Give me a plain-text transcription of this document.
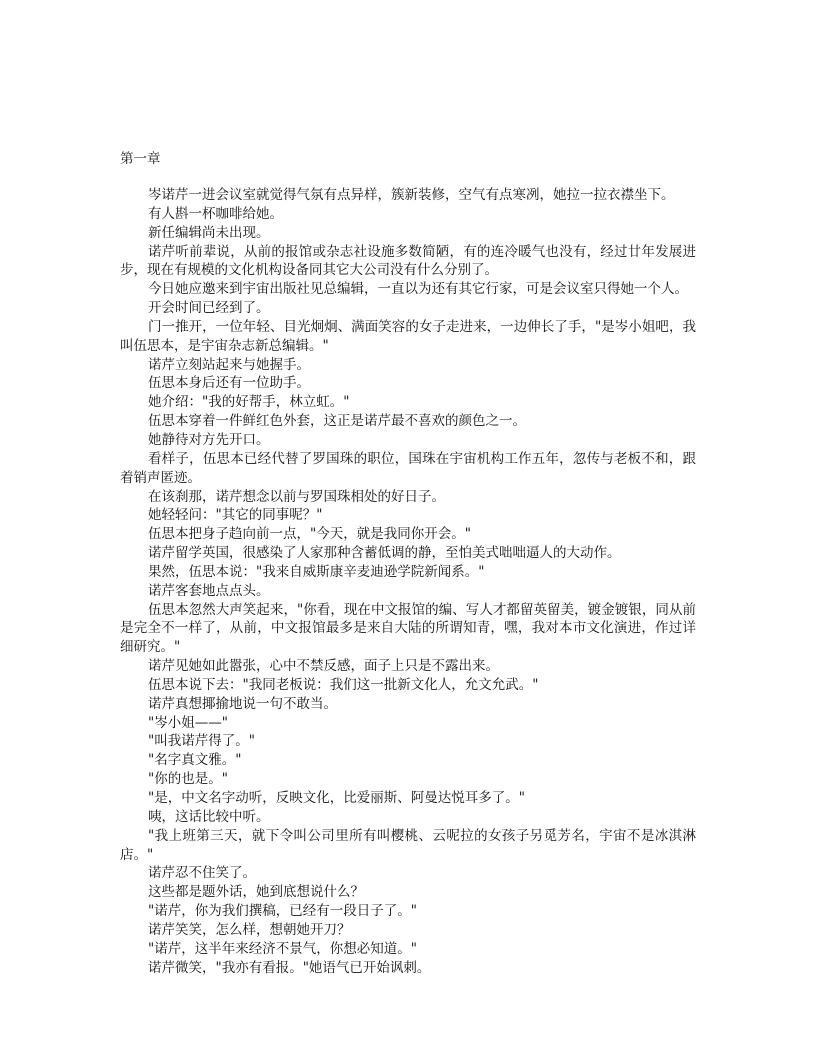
第一章

岑诺芹一进会议室就觉得气氛有点异样，簇新装修，空气有点寒冽，她拉一拉衣襟坐下。

有人斟一杯咖啡给她。

新任编辑尚未出现。

诺芹听前辈说，从前的报馆或杂志社设施多数简陋，有的连冷暖气也没有，经过廿年发展进步，现在有规模的文化机构设备同其它大公司没有什么分别了。

今日她应邀来到宇宙出版社见总编辑，一直以为还有其它行家，可是会议室只得她一个人。

开会时间已经到了。

门一推开，一位年轻、目光炯炯、满面笑容的女子走进来，一边伸长了手，"是岑小姐吧，我叫伍思本，是宇宙杂志新总编辑。"

诺芹立刻站起来与她握手。

伍思本身后还有一位助手。

她介绍："我的好帮手，林立虹。"

伍思本穿着一件鲜红色外套，这正是诺芹最不喜欢的颜色之一。

她静待对方先开口。

看样子，伍思本已经代替了罗国珠的职位，国珠在宇宙机构工作五年，忽传与老板不和，跟着销声匿迹。

在该刹那，诺芹想念以前与罗国珠相处的好日子。

她轻轻问："其它的同事呢？"

伍思本把身子趋向前一点，"今天，就是我同你开会。"

诺芹留学英国，很感染了人家那种含蓄低调的静，至怕美式咄咄逼人的大动作。

果然，伍思本说："我来自威斯康辛麦迪逊学院新闻系。"

诺芹客套地点点头。

伍思本忽然大声笑起来，"你看，现在中文报馆的编、写人才都留英留美，镀金镀银，同从前是完全不一样了，从前，中文报馆最多是来自大陆的所谓知青，嘿，我对本市文化演进，作过详细研究。"

诺芹见她如此嚣张，心中不禁反感，面子上只是不露出来。

伍思本说下去："我同老板说：我们这一批新文化人，允文允武。"

诺芹真想揶揄地说一句不敢当。

"岑小姐——"

"叫我诺芹得了。"

"名字真文雅。"

"你的也是。"

"是，中文名字动听，反映文化，比爱丽斯、阿曼达悦耳多了。"

咦，这话比较中听。

"我上班第三天，就下令叫公司里所有叫樱桃、云呢拉的女孩子另觅芳名，宇宙不是冰淇淋店。"

诺芹忍不住笑了。

这些都是题外话，她到底想说什么？

"诺芹，你为我们撰稿，已经有一段日子了。"

诺芹笑笑，怎么样，想朝她开刀？

"诺芹，这半年来经济不景气，你想必知道。"

诺芹微笑，"我亦有看报。"她语气已开始讽刺。
